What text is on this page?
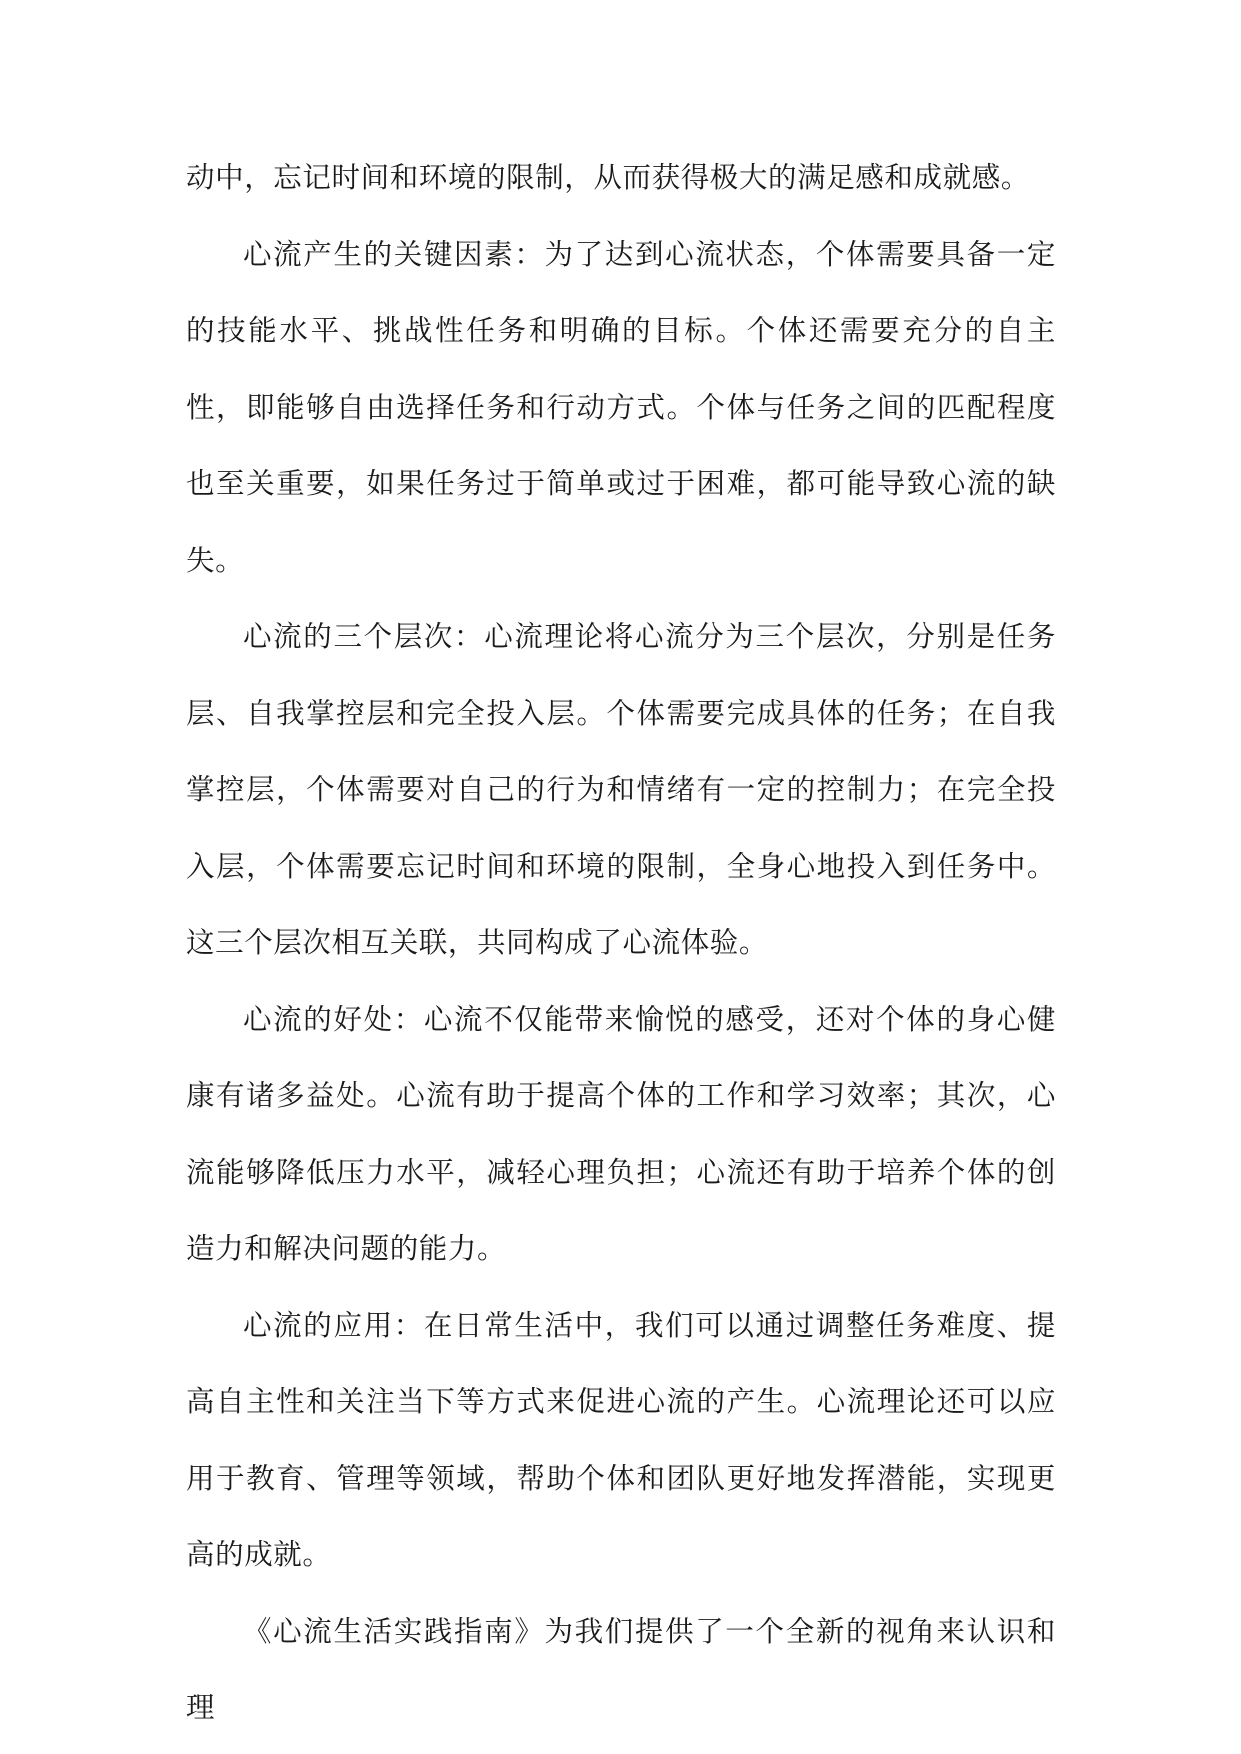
动中，忘记时间和环境的限制，从而获得极大的满足感和成就感。

心流产生的关键因素：为了达到心流状态，个体需要具备一定的技能水平、挑战性任务和明确的目标。个体还需要充分的自主性，即能够自由选择任务和行动方式。个体与任务之间的匹配程度也至关重要，如果任务过于简单或过于困难，都可能导致心流的缺失。

心流的三个层次：心流理论将心流分为三个层次，分别是任务层、自我掌控层和完全投入层。个体需要完成具体的任务；在自我掌控层，个体需要对自己的行为和情绪有一定的控制力；在完全投入层，个体需要忘记时间和环境的限制，全身心地投入到任务中。这三个层次相互关联，共同构成了心流体验。

心流的好处：心流不仅能带来愉悦的感受，还对个体的身心健康有诸多益处。心流有助于提高个体的工作和学习效率；其次，心流能够降低压力水平，减轻心理负担；心流还有助于培养个体的创造力和解决问题的能力。

心流的应用：在日常生活中，我们可以通过调整任务难度、提高自主性和关注当下等方式来促进心流的产生。心流理论还可以应用于教育、管理等领域，帮助个体和团队更好地发挥潜能，实现更高的成就。

《心流生活实践指南》为我们提供了一个全新的视角来认识和理
